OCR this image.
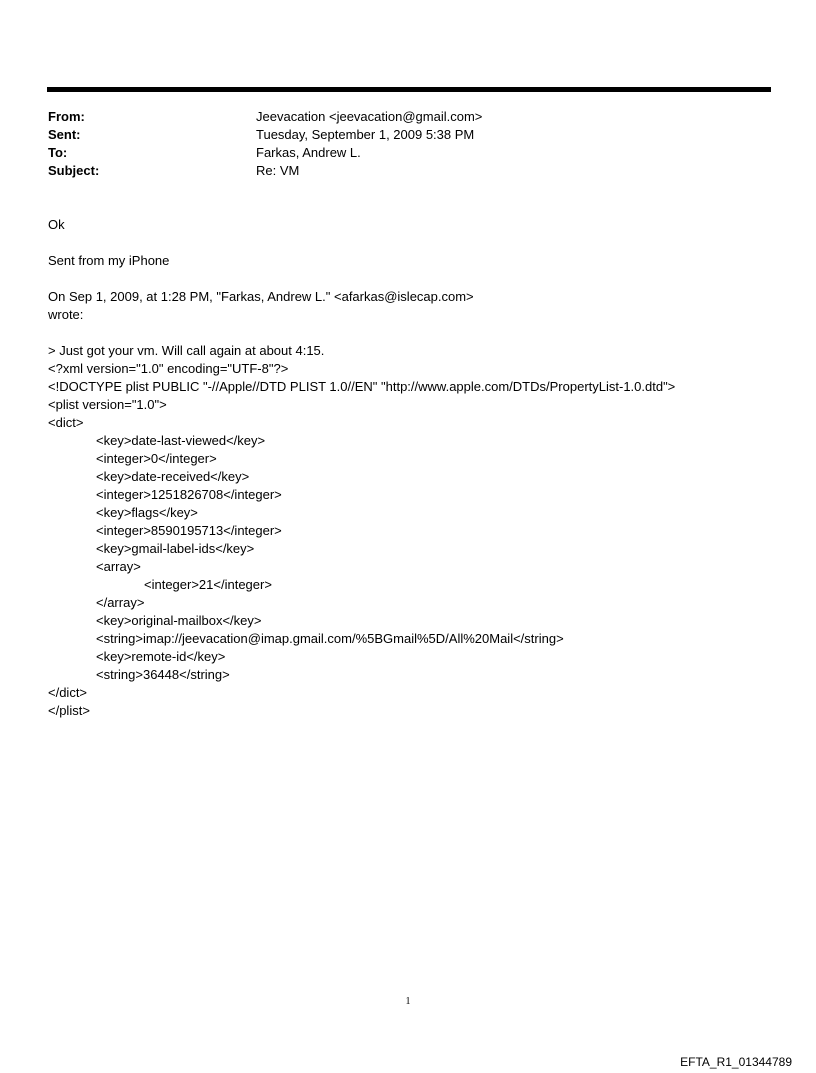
From:	Jeevacation <jeevacation@gmail.com>
Sent:	Tuesday, September 1, 2009 5:38 PM
To:	Farkas, Andrew L.
Subject:	Re: VM
Ok
Sent from my iPhone
On Sep 1, 2009, at 1:28 PM, "Farkas, Andrew L." <afarkas@islecap.com>
wrote:
> Just got your vm. Will call again at about 4:15.
<?xml version="1.0" encoding="UTF-8"?>
<!DOCTYPE plist PUBLIC "-//Apple//DTD PLIST 1.0//EN" "http://www.apple.com/DTDs/PropertyList-1.0.dtd">
<plist version="1.0">
<dict>
<key>date-last-viewed</key>
<integer>0</integer>
<key>date-received</key>
<integer>1251826708</integer>
<key>flags</key>
<integer>8590195713</integer>
<key>gmail-label-ids</key>
<array>
<integer>21</integer>
</array>
<key>original-mailbox</key>
<string>imap://jeevacation@imap.gmail.com/%5BGmail%5D/All%20Mail</string>
<key>remote-id</key>
<string>36448</string>
</dict>
</plist>
1
EFTA_R1_01344789
